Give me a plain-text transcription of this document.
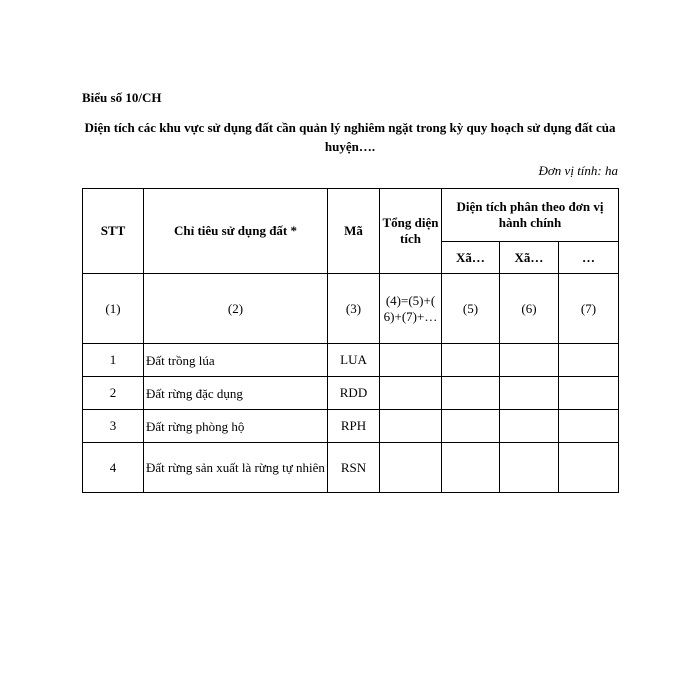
Biểu số 10/CH
Diện tích các khu vực sử dụng đất cần quản lý nghiêm ngặt trong kỳ quy hoạch sử dụng đất của huyện….
Đơn vị tính: ha
STT	Chỉ tiêu sử dụng đất *	Mã	Tổng diện tích	Diện tích phân theo đơn vị hành chính		
				Xã…	Xã…	…
(1)	(2)	(3)	(4)=(5)+( 6)+(7)+…	(5)	(6)	(7)
1	Đất trồng lúa	LUA				
2	Đất rừng đặc dụng	RDD				
3	Đất rừng phòng hộ	RPH				
4	Đất rừng sản xuất là rừng tự nhiên	RSN				
